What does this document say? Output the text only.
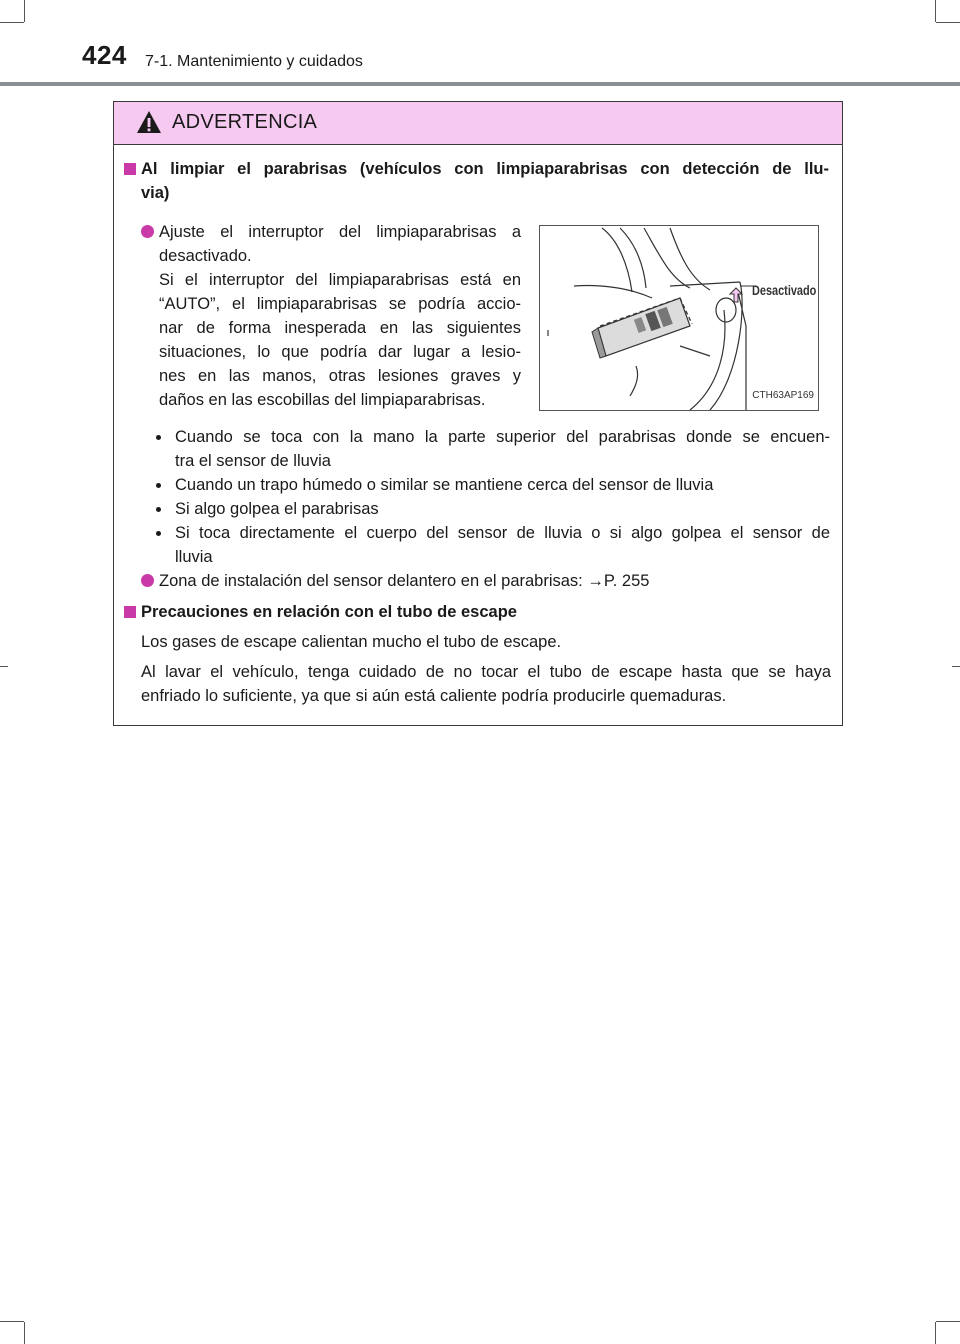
424 7-1. Mantenimiento y cuidados
ADVERTENCIA
Al limpiar el parabrisas (vehículos con limpiaparabrisas con detección de llu-
via)
Ajuste el interruptor del limpiaparabrisas a
desactivado.
Si el interruptor del limpiaparabrisas está en
“AUTO”, el limpiaparabrisas se podría accio-
nar de forma inesperada en las siguientes
situaciones, lo que podría dar lugar a lesio-
nes en las manos, otras lesiones graves y
daños en las escobillas del limpiaparabrisas.
Desactivado
CTH63AP169
Cuando se toca con la mano la parte superior del parabrisas donde se encuen-
tra el sensor de lluvia
Cuando un trapo húmedo o similar se mantiene cerca del sensor de lluvia
Si algo golpea el parabrisas
Si toca directamente el cuerpo del sensor de lluvia o si algo golpea el sensor de
lluvia
Zona de instalación del sensor delantero en el parabrisas: →P. 255
Precauciones en relación con el tubo de escape
Los gases de escape calientan mucho el tubo de escape.
Al lavar el vehículo, tenga cuidado de no tocar el tubo de escape hasta que se haya
enfriado lo suficiente, ya que si aún está caliente podría producirle quemaduras.
